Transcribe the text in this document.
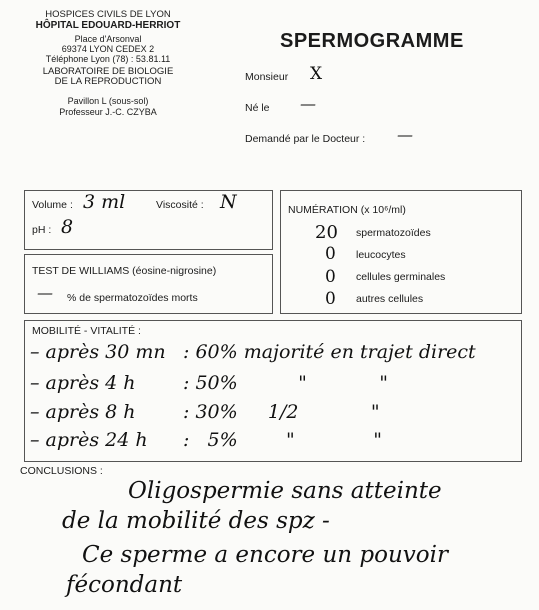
HOSPICES CIVILS DE LYON
HÔPITAL EDOUARD-HERRIOT
Place d'Arsonval
69374 LYON CEDEX 2
Téléphone Lyon (78) : 53.81.11
LABORATOIRE DE BIOLOGIE
DE LA REPRODUCTION
Pavillon L (sous-sol)
Professeur J.-C. CZYBA
SPERMOGRAMME
Monsieur X
Né le —
Demandé par le Docteur : —
Volume : 3 ml	Viscosité : N
pH : 8
NUMÉRATION (x 10⁶/ml)
20 spermatozoïdes
0 leucocytes
0 cellules germinales
0 autres cellules
TEST DE WILLIAMS (éosine-nigrosine)
— % de spermatozoïdes morts
MOBILITÉ - VITALITÉ :
– après 30 mn : 60% majorité en trajet direct
– après 4 h : 50%          "            "
– après 8 h : 30%     1/2            "
– après 24 h :   5%        "             "
CONCLUSIONS :
Oligospermie sans atteinte
de la mobilité des spz -
Ce sperme a encore un pouvoir
fécondant
